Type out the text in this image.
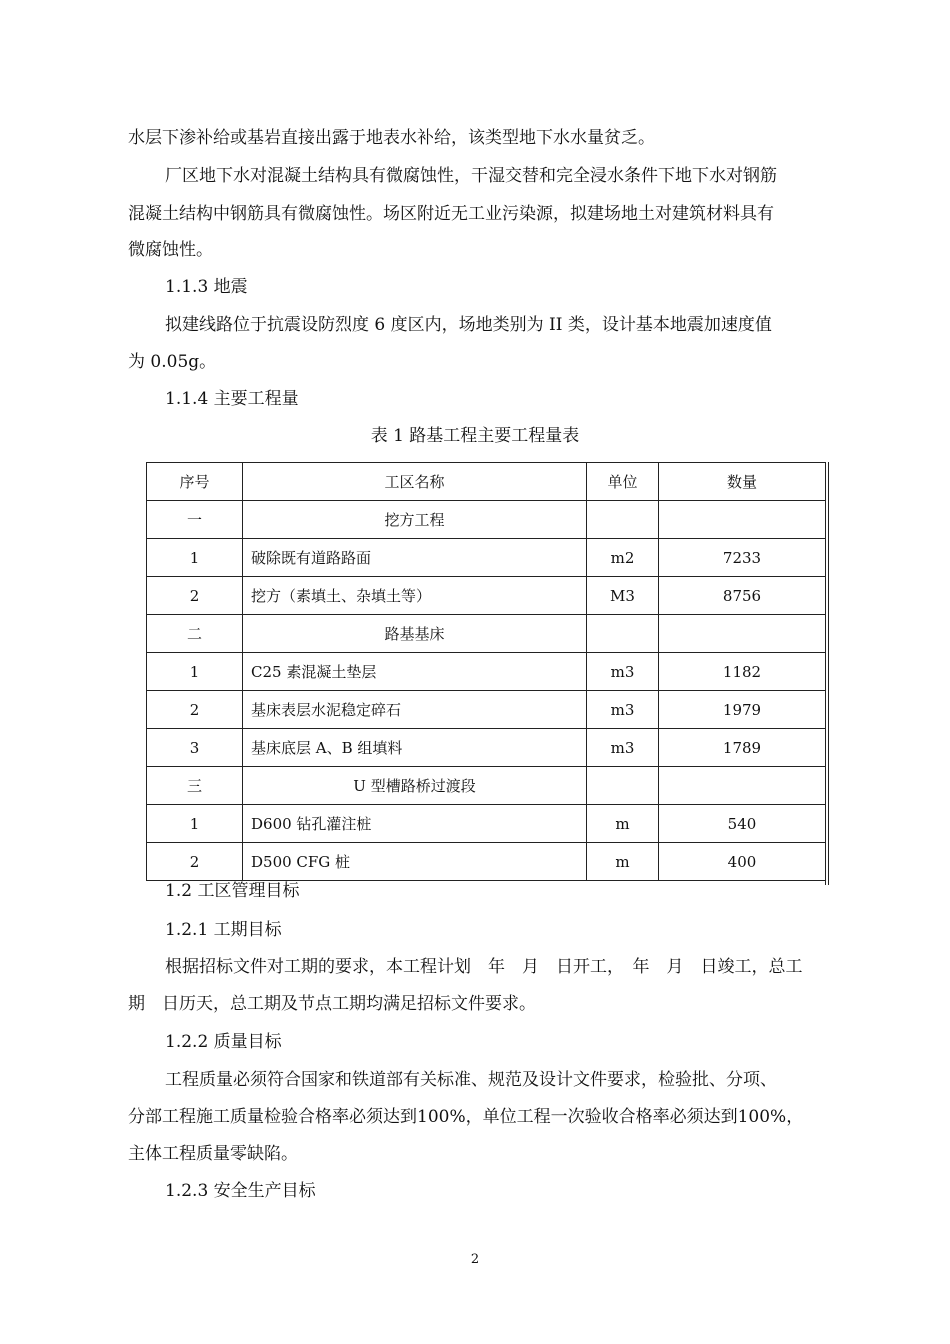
水层下渗补给或基岩直接出露于地表水补给，该类型地下水水量贫乏。
厂区地下水对混凝土结构具有微腐蚀性，干湿交替和完全浸水条件下地下水对钢筋
混凝土结构中钢筋具有微腐蚀性。场区附近无工业污染源，拟建场地土对建筑材料具有
微腐蚀性。
1.1.3 地震
拟建线路位于抗震设防烈度 6 度区内，场地类别为 II 类，设计基本地震加速度值
为 0.05g。
1.1.4 主要工程量
表 1 路基工程主要工程量表
序号	工区名称	单位	数量
一	挖方工程		
1	破除既有道路路面	m2	7233
2	挖方（素填土、杂填土等）	M3	8756
二	路基基床		
1	C25 素混凝土垫层	m3	1182
2	基床表层水泥稳定碎石	m3	1979
3	基床底层 A、B 组填料	m3	1789
三	U 型槽路桥过渡段		
1	D600 钻孔灌注桩	m	540
2	D500 CFG 桩	m	400
1.2 工区管理目标
1.2.1 工期目标
根据招标文件对工期的要求，本工程计划　年　月　日开工，　年　月　日竣工，总工
期　日历天，总工期及节点工期均满足招标文件要求。
1.2.2 质量目标
工程质量必须符合国家和铁道部有关标准、规范及设计文件要求，检验批、分项、
分部工程施工质量检验合格率必须达到100%，单位工程一次验收合格率必须达到100%，
主体工程质量零缺陷。
1.2.3 安全生产目标
2
